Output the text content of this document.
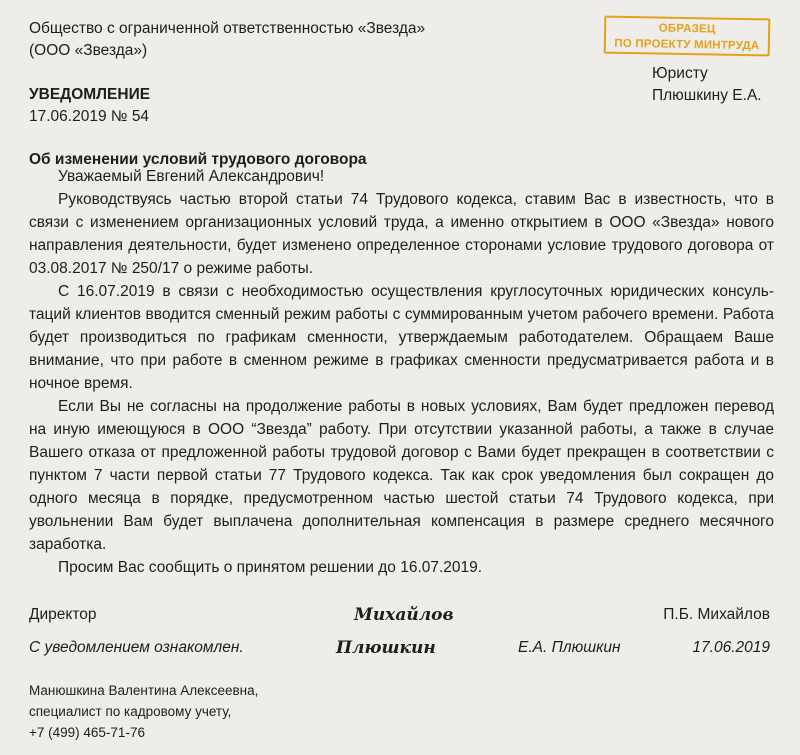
Общество с ограниченной ответственностью «Звезда»
(ООО «Звезда»)
ОБРАЗЕЦ
ПО ПРОЕКТУ МИНТРУДА
Юристу
Плюшкину Е.А.
УВЕДОМЛЕНИЕ
17.06.2019 № 54
Об изменении условий трудового договора

Уважаемый Евгений Александрович!

Руководствуясь частью второй статьи 74 Трудового кодекса, ставим Вас в известность, что в связи с изменением организационных условий труда, а именно открытием в ООО «Звезда» нового направления деятельности, будет изменено определенное сторонами условие трудового договора от 03.08.2017 № 250/17 о режиме работы.

С 16.07.2019 в связи с необходимостью осуществления круглосуточных юридических консультаций клиентов вводится сменный режим работы с суммированным учетом рабочего времени. Работа будет производиться по графикам сменности, утверждаемым работодателем. Обращаем Ваше внимание, что при работе в сменном режиме в графиках сменности предусматривается работа и в ночное время.

Если Вы не согласны на продолжение работы в новых условиях, Вам будет предложен перевод на иную имеющуюся в ООО “Звезда” работу. При отсутствии указанной работы, а также в случае Вашего отказа от предложенной работы трудовой договор с Вами будет прекращен в соответствии с пунктом 7 части первой статьи 77 Трудового кодекса. Так как срок уведомления был сокращен до одного месяца в порядке, предусмотренном частью шестой статьи 74 Трудового кодекса, при увольнении Вам будет выплачена дополнительная компенсация в размере среднего месячного заработка.

Просим Вас сообщить о принятом решении до 16.07.2019.

Директор	Михайлов	П.Б. Михайлов
С уведомлением ознакомлен.	Плюшкин	Е.А. Плюшкин	17.06.2019
Манюшкина Валентина Алексеевна,
специалист по кадровому учету,
+7 (499) 465-71-76
